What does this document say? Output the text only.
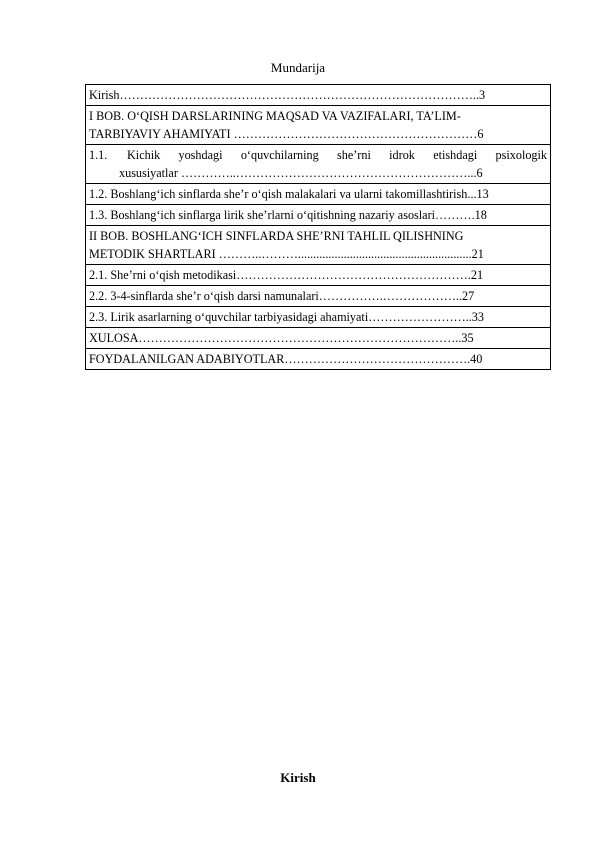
Mundarija
Kirish……………………………………………………………………………..3
I BOB. O‘QISH DARSLARINING MAQSAD VA VAZIFALARI, TA’LIM-
TARBIYAVIY AHAMIYATI ……………………………………………………6
1.1. Kichik yoshdagi o‘quvchilarning she’rni idrok etishdagi psixologik
xususiyatlar …………..…………………………………………………...6
1.2. Boshlang‘ich sinflarda she’r o‘qish malakalari va ularni takomillashtirish...13
1.3. Boshlang‘ich sinflarga lirik she’rlarni o‘qitishning nazariy asoslari……….18
II BOB. BOSHLANG‘ICH SINFLARDA SHE’RNI TAHLIL QILISHNING
METODIK SHARTLARI ………..……….........................................................21
2.1. She’rni o‘qish metodikasi………………………………………………….21
2.2. 3-4-sinflarda she’r o‘qish darsi namunalari…………….………………..27
2.3. Lirik asarlarning o‘quvchilar tarbiyasidagi ahamiyati……………………..33
XULOSA……………………………………………………………………..35
FOYDALANILGAN ADABIYOTLAR……………………………………….40
Kirish
